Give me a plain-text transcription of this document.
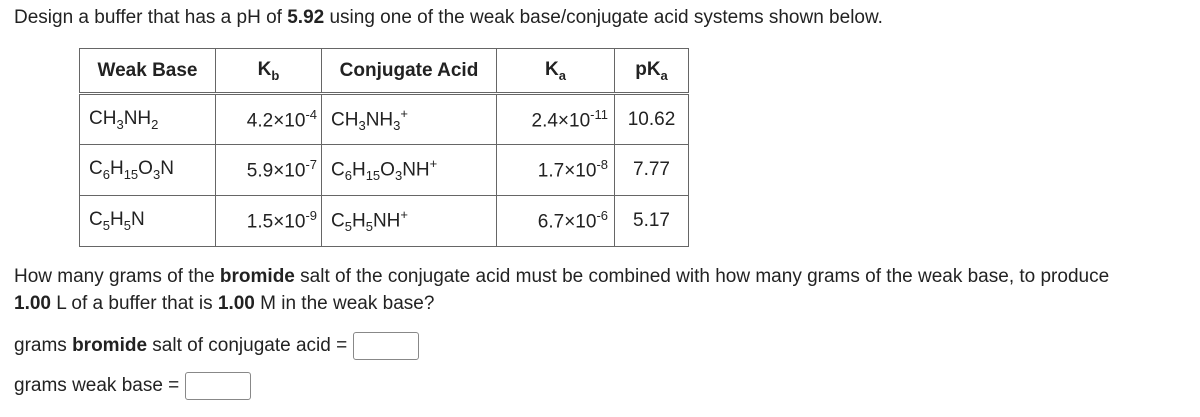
Design a buffer that has a pH of 5.92 using one of the weak base/conjugate acid systems shown below.
Weak Base	$K_b$	Conjugate Acid	$K_a$	$pK_a$
$CH_3NH_2$	$4.2\times 10^{-4}$	$CH_3NH_3^+$	$2.4\times 10^{-11}$	10.62
$C_6H_{15}O_3N$	$5.9\times 10^{-7}$	$C_6H_{15}O_3NH^+$	$1.7\times 10^{-8}$	7.77
$C_5H_5N$	$1.5\times 10^{-9}$	$C_5H_5NH^+$	$6.7\times 10^{-6}$	5.17
How many grams of the bromide salt of the conjugate acid must be combined with how many grams of the weak base, to produce
1.00 L of a buffer that is 1.00 M in the weak base?
grams bromide salt of conjugate acid =
grams weak base =
